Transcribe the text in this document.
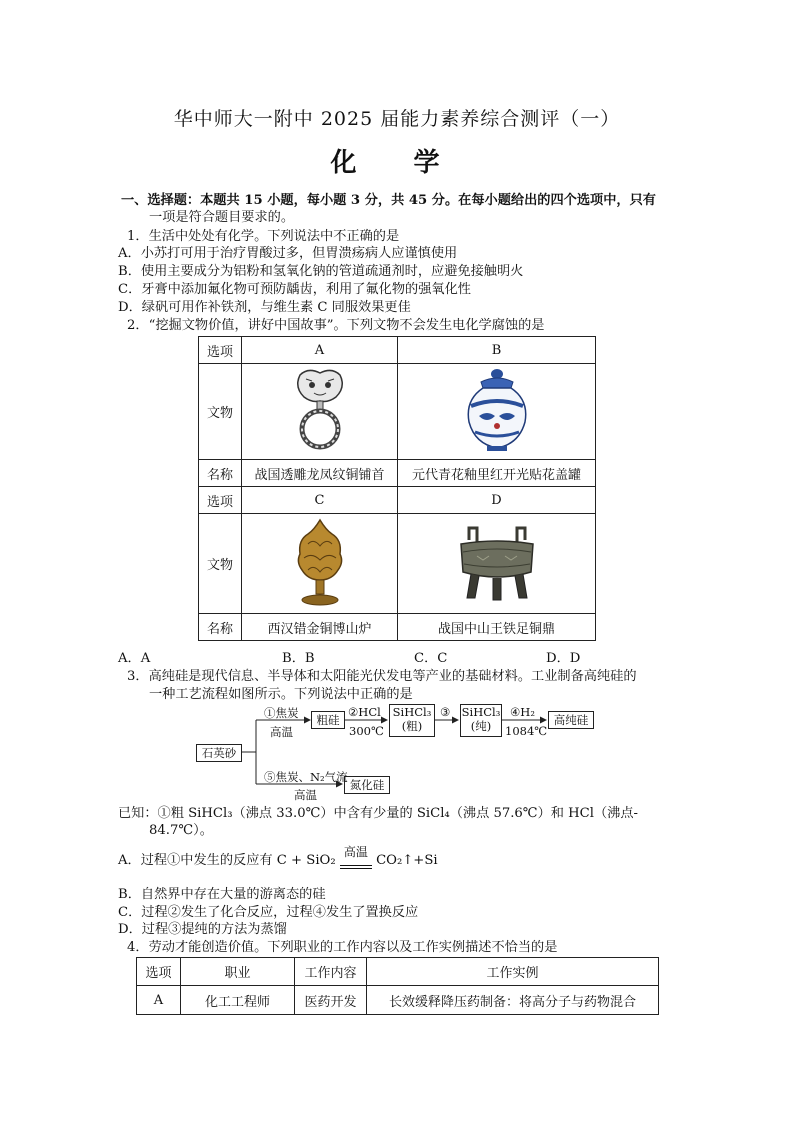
华中师大一附中 2025 届能力素养综合测评（一）
化 学
一、选择题：本题共 15 小题，每小题 3 分，共 45 分。在每小题给出的四个选项中，只有
一项是符合题目要求的。
1．生活中处处有化学。下列说法中不正确的是
A．小苏打可用于治疗胃酸过多，但胃溃疡病人应谨慎使用
B．使用主要成分为铝粉和氢氧化钠的管道疏通剂时，应避免接触明火
C．牙膏中添加氟化物可预防龋齿，利用了氟化物的强氧化性
D．绿矾可用作补铁剂，与维生素 C 同服效果更佳
2．“挖掘文物价值，讲好中国故事”。下列文物不会发生电化学腐蚀的是
选项	A	B
文物		
名称	战国透雕龙凤纹铜铺首	元代青花釉里红开光贴花盖罐
选项	C	D
文物		
名称	西汉错金铜博山炉	战国中山王铁足铜鼎
A．A	B．B	C．C	D．D
3．高纯硅是现代信息、半导体和太阳能光伏发电等产业的基础材料。工业制备高纯硅的
一种工艺流程如图所示。下列说法中正确的是
石英砂
粗硅
SiHCl₃
(粗)
SiHCl₃
(纯)	高纯硅
氮化硅
①焦炭
高温
②HCl
300℃
③	④H₂
1084℃
⑤焦炭、N₂气流
高温
已知：①粗 SiHCl₃（沸点 33.0℃）中含有少量的 SiCl₄（沸点 57.6℃）和 HCl（沸点-
84.7℃）。
A．过程①中发生的反应有 C + SiO₂
高温
CO₂↑+Si
B．自然界中存在大量的游离态的硅
C．过程②发生了化合反应，过程④发生了置换反应
D．过程③提纯的方法为蒸馏
4．劳动才能创造价值。下列职业的工作内容以及工作实例描述不恰当的是
选项	职业	工作内容	工作实例
A	化工工程师	医药开发	长效缓释降压药制备：将高分子与药物混合
